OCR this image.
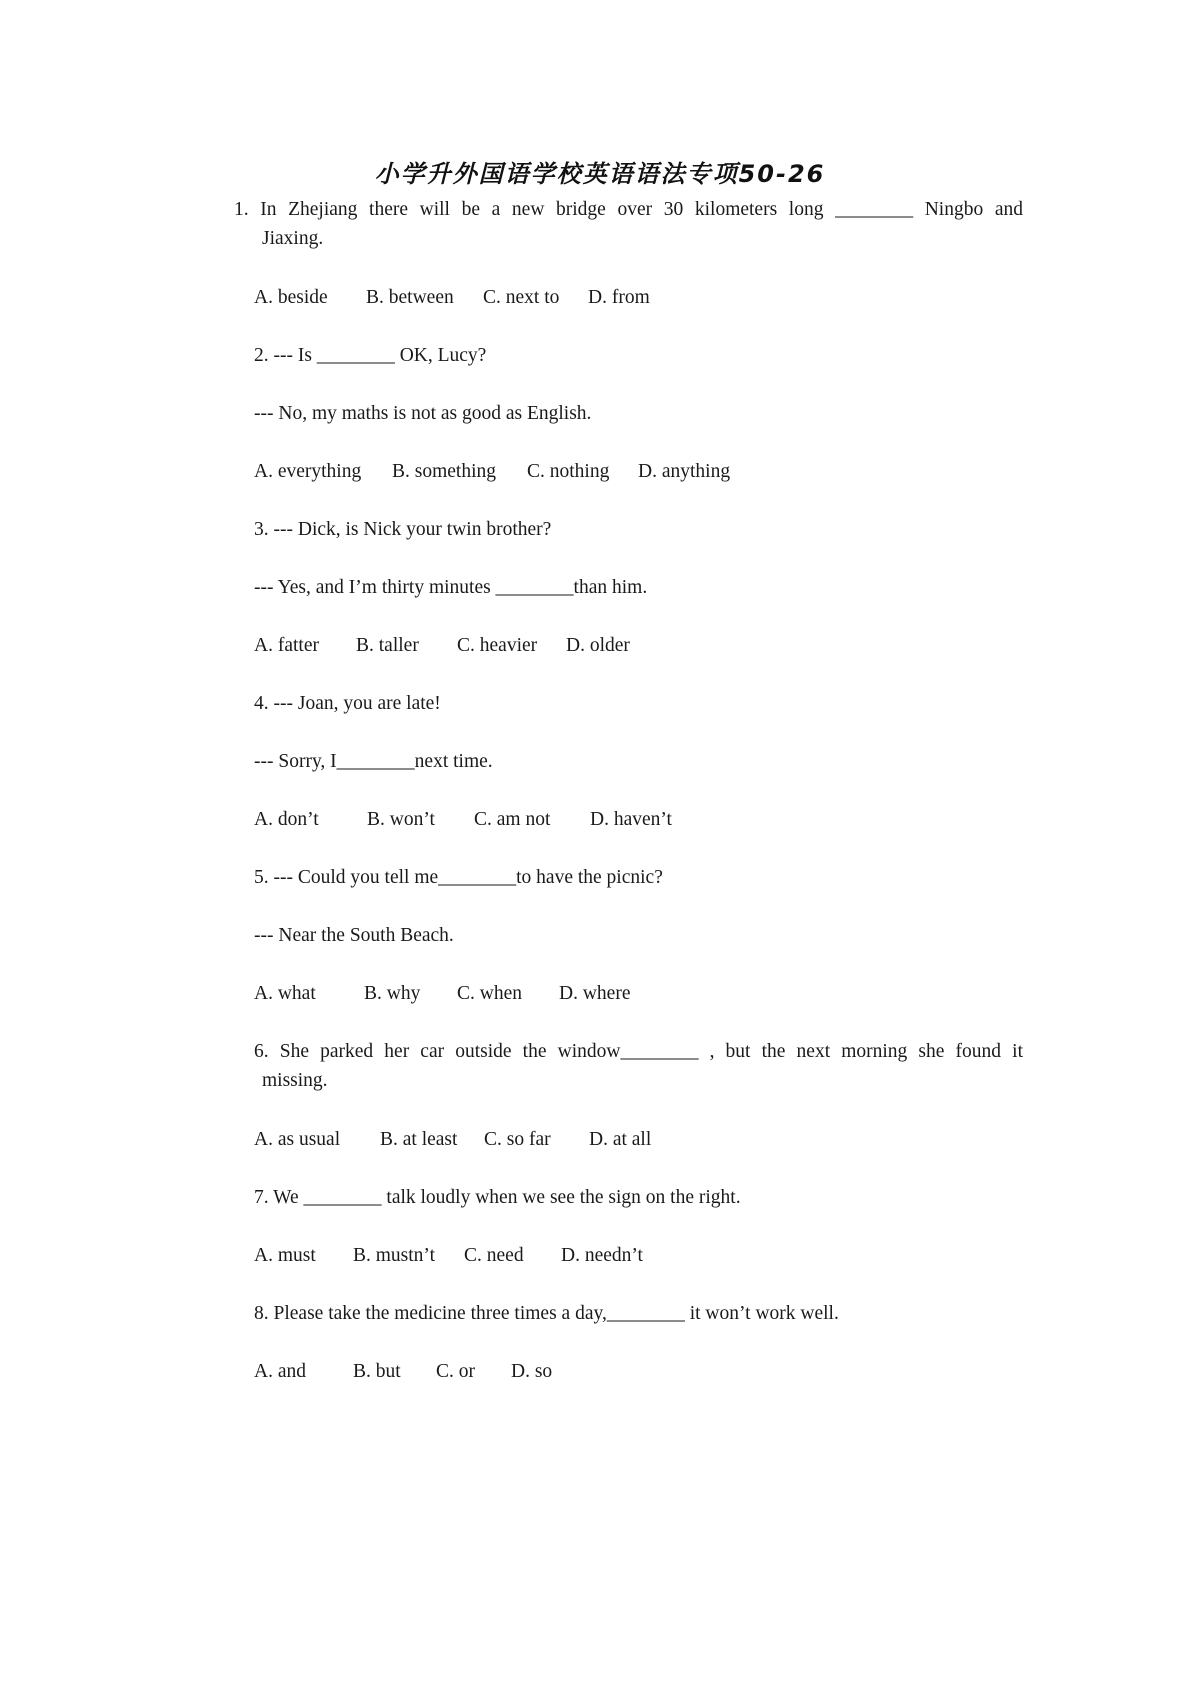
小学升外国语学校英语语法专项50-26
1. In Zhejiang there will be a new bridge over 30 kilometers long ________ Ningbo and
Jiaxing.
A. beside B. between C. next to D. from
2. --- Is ________ OK, Lucy?
--- No, my maths is not as good as English.
A. everything B. something C. nothing D. anything
3. --- Dick, is Nick your twin brother?
--- Yes, and I’m thirty minutes ________than him.
A. fatter B. taller C. heavier D. older
4. --- Joan, you are late!
--- Sorry, I________next time.
A. don’t B. won’t C. am not D. haven’t
5. --- Could you tell me________to have the picnic?
--- Near the South Beach.
A. what B. why C. when D. where
6. She parked her car outside the window________ , but the next morning she found it
missing.
A. as usual B. at least C. so far D. at all
7. We ________ talk loudly when we see the sign on the right.
A. must B. mustn’t C. need D. needn’t
8. Please take the medicine three times a day,________ it won’t work well.
A. and B. but C. or D. so
